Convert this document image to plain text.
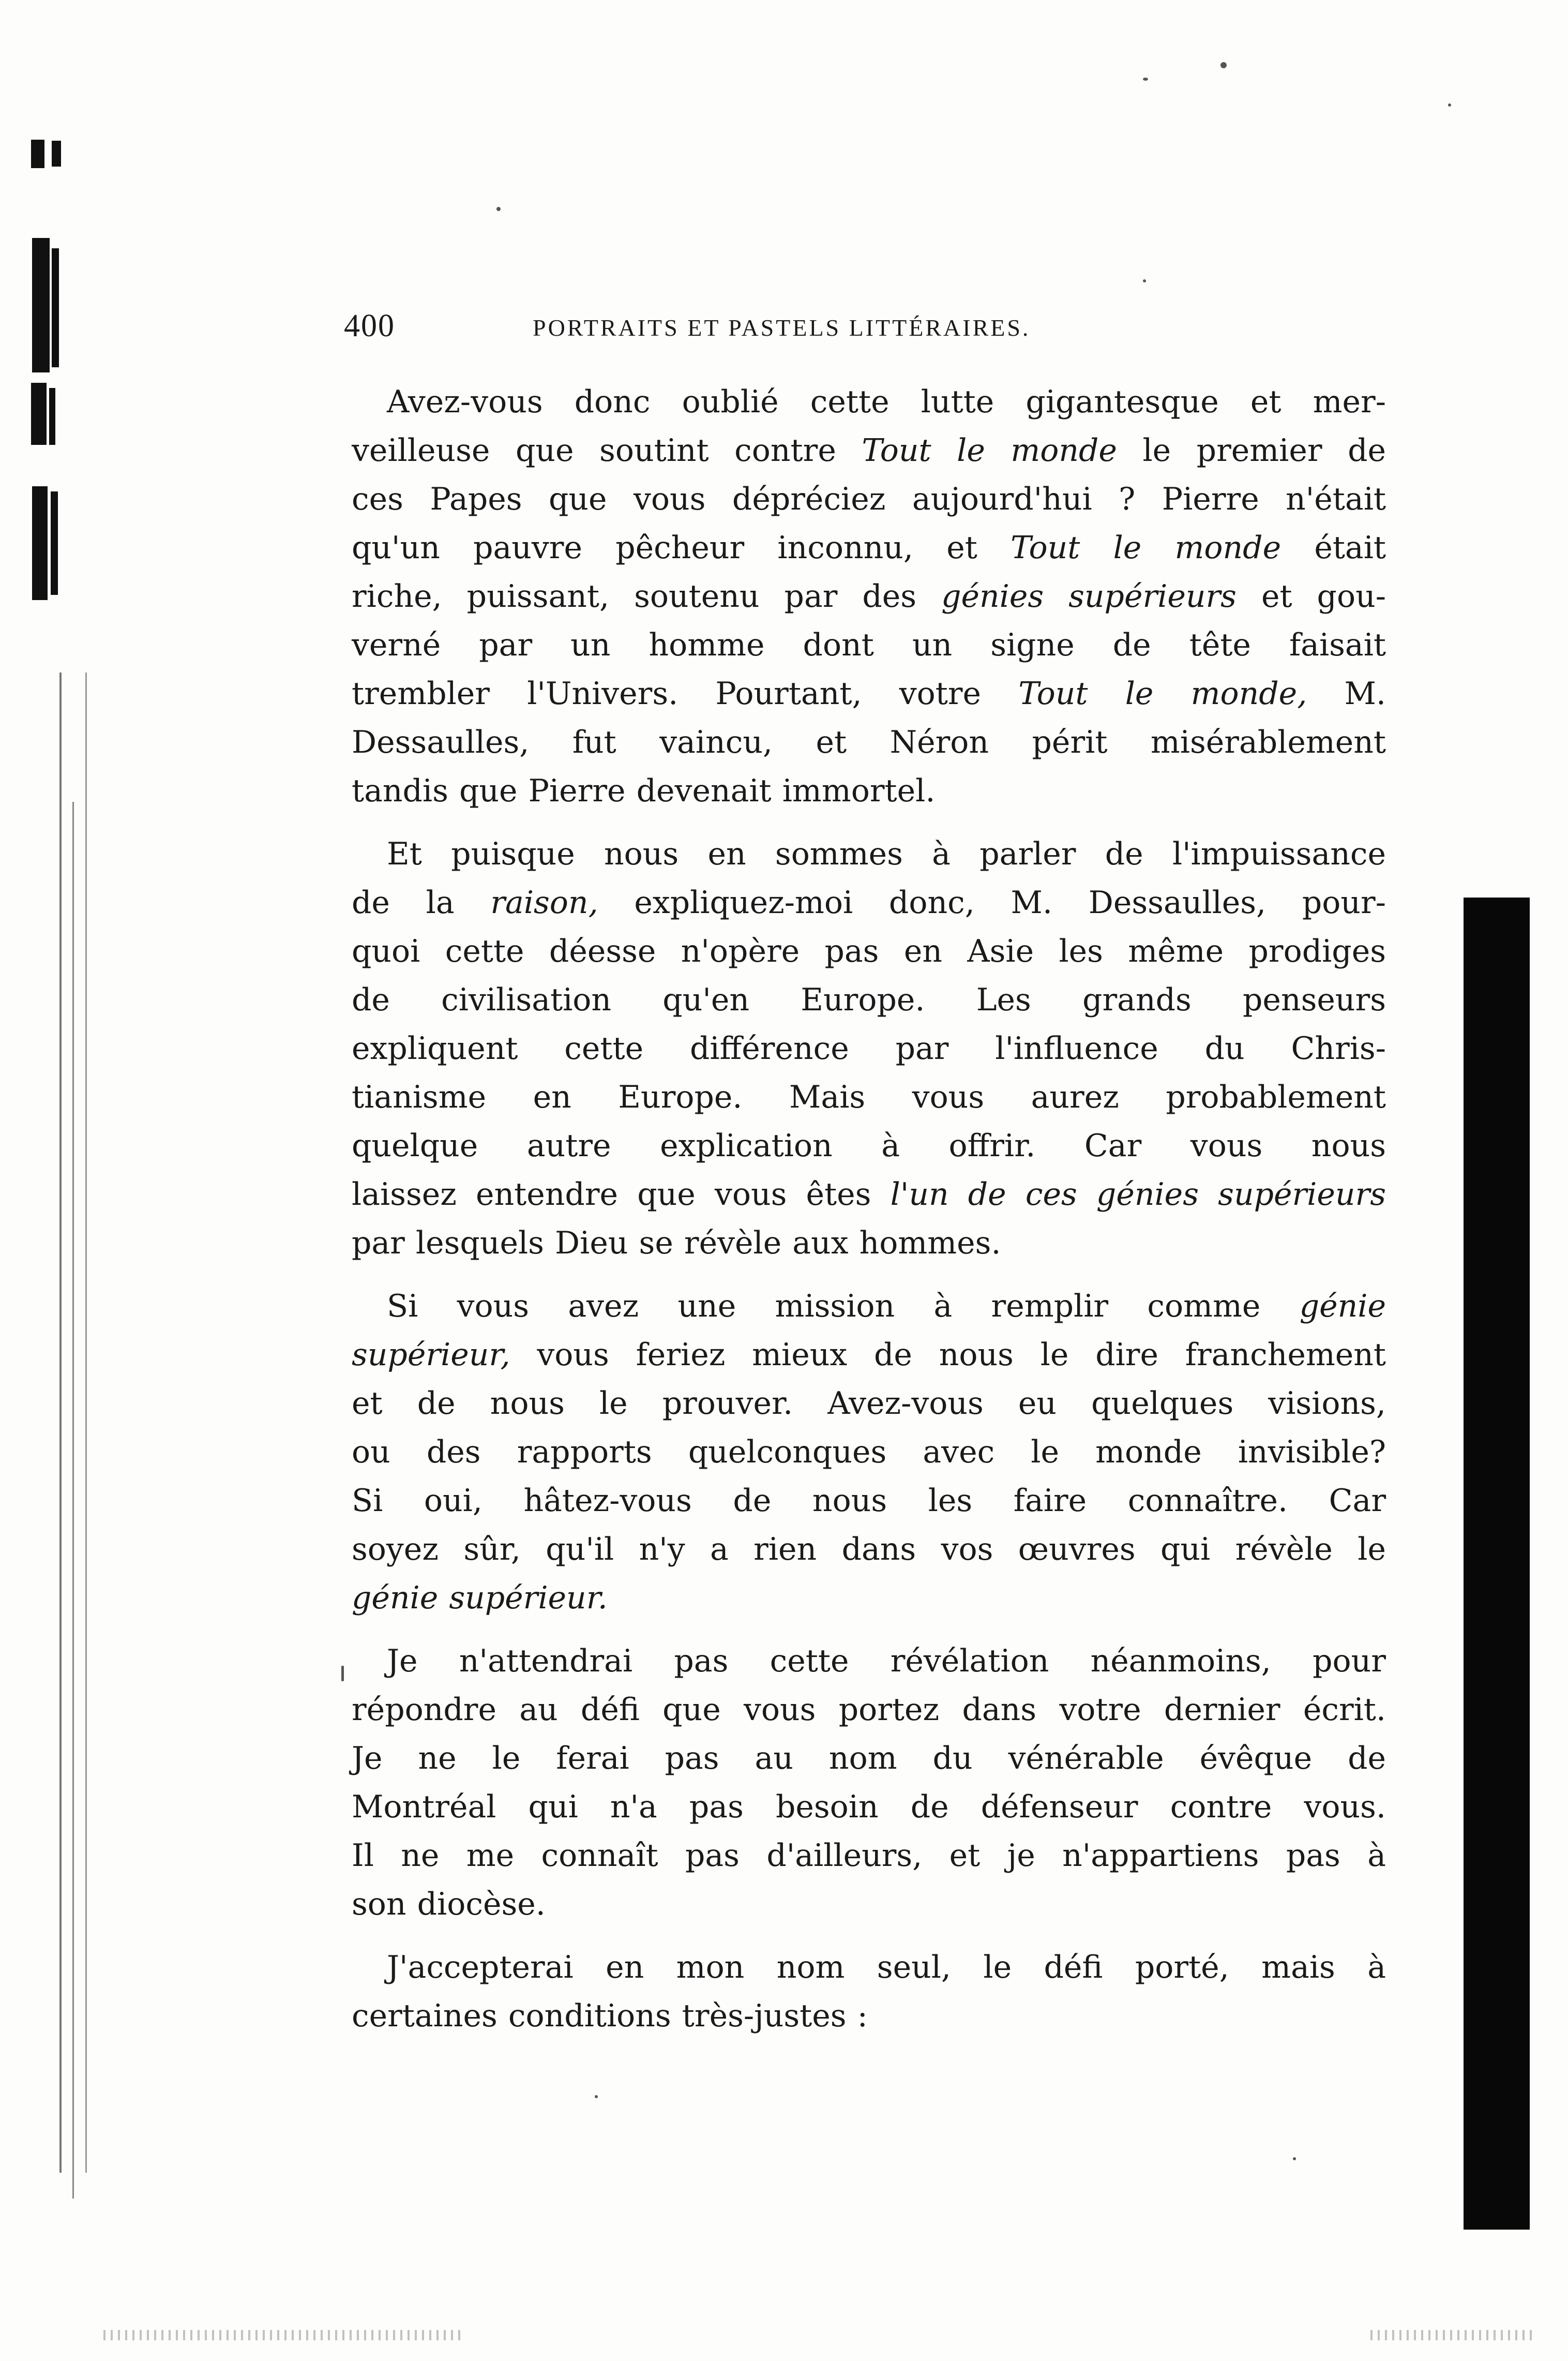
400	PORTRAITS ET PASTELS LITTÉRAIRES.
Avez-vous donc oublié cette lutte gigantesque et mer-
veilleuse que soutint contre Tout le monde le premier de
ces Papes que vous dépréciez aujourd'hui ? Pierre n'était
qu'un pauvre pêcheur inconnu, et Tout le monde était
riche, puissant, soutenu par des génies supérieurs et gou-
verné par un homme dont un signe de tête faisait
trembler l'Univers. Pourtant, votre Tout le monde, M.
Dessaulles, fut vaincu, et Néron périt misérablement
tandis que Pierre devenait immortel.
Et puisque nous en sommes à parler de l'impuissance
de la raison, expliquez-moi donc, M. Dessaulles, pour-
quoi cette déesse n'opère pas en Asie les même prodiges
de civilisation qu'en Europe. Les grands penseurs
expliquent cette différence par l'influence du Chris-
tianisme en Europe. Mais vous aurez probablement
quelque autre explication à offrir. Car vous nous
laissez entendre que vous êtes l'un de ces génies supérieurs
par lesquels Dieu se révèle aux hommes.
Si vous avez une mission à remplir comme génie
supérieur, vous feriez mieux de nous le dire franchement
et de nous le prouver. Avez-vous eu quelques visions,
ou des rapports quelconques avec le monde invisible?
Si oui, hâtez-vous de nous les faire connaître. Car
soyez sûr, qu'il n'y a rien dans vos œuvres qui révèle le
génie supérieur.
Je n'attendrai pas cette révélation néanmoins, pour
répondre au défi que vous portez dans votre dernier écrit.
Je ne le ferai pas au nom du vénérable évêque de
Montréal qui n'a pas besoin de défenseur contre vous.
Il ne me connaît pas d'ailleurs, et je n'appartiens pas à
son diocèse.
J'accepterai en mon nom seul, le défi porté, mais à
certaines conditions très-justes :
